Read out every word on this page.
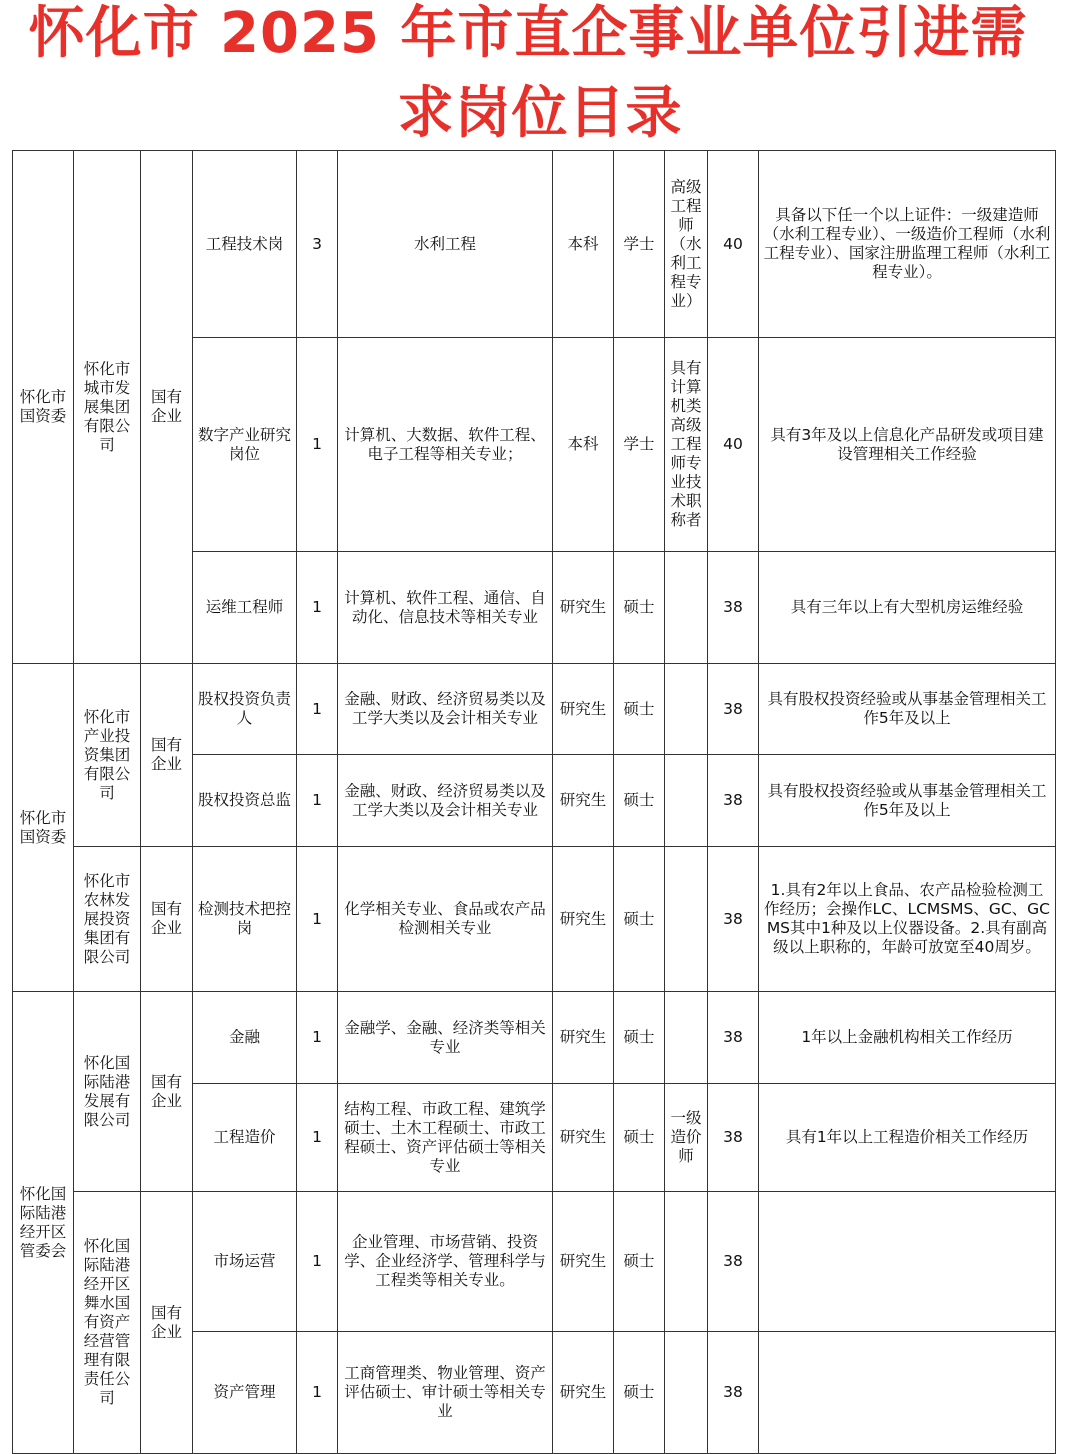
怀化市 2025 年市直企事业单位引进需
求岗位目录
怀化市国资委	怀化市城市发展集团有限公司	国有企业	工程技术岗	3	水利工程	本科	学士	高级工程师（水利工程专业）	40	具备以下任一个以上证件：一级建造师（水利工程专业）、一级造价工程师（水利工程专业）、国家注册监理工程师（水利工程专业）。
			数字产业研究岗位	1	计算机、大数据、软件工程、电子工程等相关专业；	本科	学士	具有计算机类高级工程师专业技术职称者	40	具有3年及以上信息化产品研发或项目建设管理相关工作经验
			运维工程师	1	计算机、软件工程、通信、自动化、信息技术等相关专业	研究生	硕士		38	具有三年以上有大型机房运维经验
怀化市国资委	怀化市产业投资集团有限公司	国有企业	股权投资负责人	1	金融、财政、经济贸易类以及工学大类以及会计相关专业	研究生	硕士		38	具有股权投资经验或从事基金管理相关工作5年及以上
			股权投资总监	1	金融、财政、经济贸易类以及工学大类以及会计相关专业	研究生	硕士		38	具有股权投资经验或从事基金管理相关工作5年及以上
	怀化市农林发展投资集团有限公司	国有企业	检测技术把控岗	1	化学相关专业、食品或农产品检测相关专业	研究生	硕士		38	1.具有2年以上食品、农产品检验检测工作经历；会操作LC、LCMSMS、GC、GCMS其中1种及以上仪器设备。2.具有副高级以上职称的，年龄可放宽至40周岁。
怀化国际陆港经开区管委会	怀化国际陆港发展有限公司	国有企业	金融	1	金融学、金融、经济类等相关专业	研究生	硕士		38	1年以上金融机构相关工作经历
			工程造价	1	结构工程、市政工程、建筑学硕士、土木工程硕士、市政工程硕士、资产评估硕士等相关专业	研究生	硕士	一级造价师	38	具有1年以上工程造价相关工作经历
	怀化国际陆港经开区舞水国有资产经营管理有限责任公司	国有企业	市场运营	1	企业管理、市场营销、投资学、企业经济学、管理科学与工程类等相关专业。	研究生	硕士		38	
			资产管理	1	工商管理类、物业管理、资产评估硕士、审计硕士等相关专业	研究生	硕士		38	
